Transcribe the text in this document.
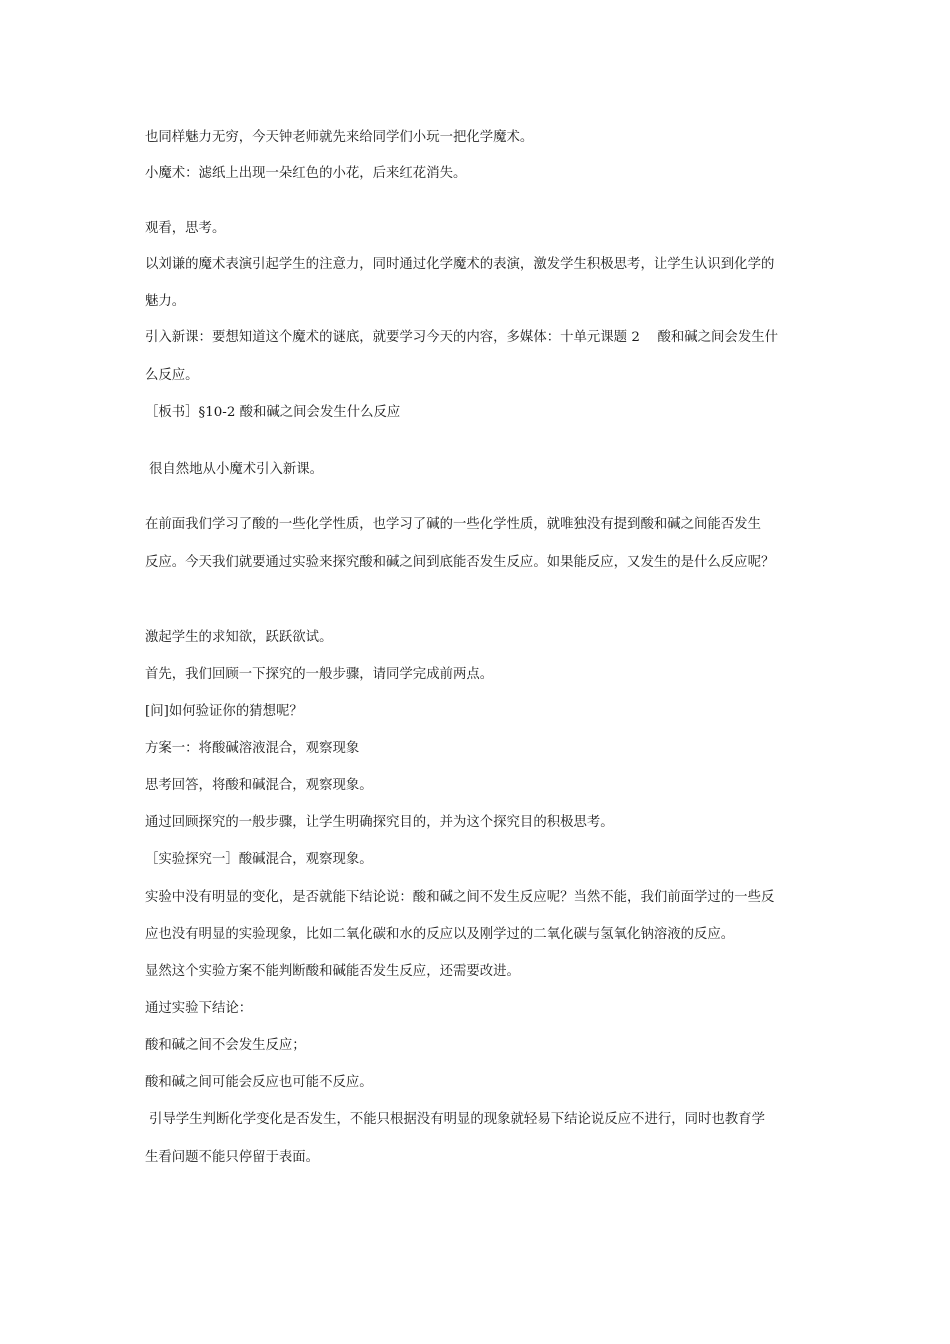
也同样魅力无穷，今天钟老师就先来给同学们小玩一把化学魔术。
小魔术：滤纸上出现一朵红色的小花，后来红花消失。
观看，思考。
以刘谦的魔术表演引起学生的注意力，同时通过化学魔术的表演，激发学生积极思考，让学生认识到化学的
魅力。
引入新课：要想知道这个魔术的谜底，就要学习今天的内容，多媒体：十单元课题 2　 酸和碱之间会发生什
么反应。
［板书］§10-2 酸和碱之间会发生什么反应
很自然地从小魔术引入新课。
在前面我们学习了酸的一些化学性质，也学习了碱的一些化学性质，就唯独没有提到酸和碱之间能否发生
反应。今天我们就要通过实验来探究酸和碱之间到底能否发生反应。如果能反应，又发生的是什么反应呢？
激起学生的求知欲，跃跃欲试。
首先，我们回顾一下探究的一般步骤，请同学完成前两点。
[问]如何验证你的猜想呢？
方案一：将酸碱溶液混合，观察现象
思考回答，将酸和碱混合，观察现象。
通过回顾探究的一般步骤，让学生明确探究目的，并为这个探究目的积极思考。
［实验探究一］酸碱混合，观察现象。
实验中没有明显的变化，是否就能下结论说：酸和碱之间不发生反应呢？当然不能，我们前面学过的一些反
应也没有明显的实验现象，比如二氧化碳和水的反应以及刚学过的二氧化碳与氢氧化钠溶液的反应。
显然这个实验方案不能判断酸和碱能否发生反应，还需要改进。
通过实验下结论：
酸和碱之间不会发生反应；
酸和碱之间可能会反应也可能不反应。
引导学生判断化学变化是否发生，不能只根据没有明显的现象就轻易下结论说反应不进行，同时也教育学
生看问题不能只停留于表面。
